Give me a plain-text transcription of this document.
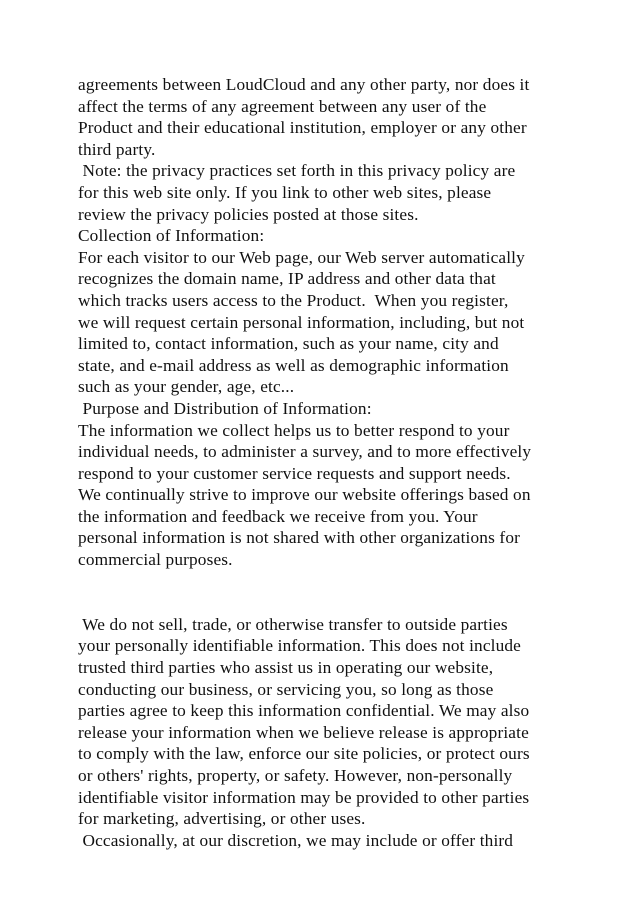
agreements between LoudCloud and any other party, nor does it
affect the terms of any agreement between any user of the
Product and their educational institution, employer or any other
third party.
Note: the privacy practices set forth in this privacy policy are
for this web site only. If you link to other web sites, please
review the privacy policies posted at those sites.
Collection of Information:
For each visitor to our Web page, our Web server automatically
recognizes the domain name, IP address and other data that
which tracks users access to the Product.  When you register,
we will request certain personal information, including, but not
limited to, contact information, such as your name, city and
state, and e-mail address as well as demographic information
such as your gender, age, etc...
Purpose and Distribution of Information:
The information we collect helps us to better respond to your
individual needs, to administer a survey, and to more effectively
respond to your customer service requests and support needs.
We continually strive to improve our website offerings based on
the information and feedback we receive from you. Your
personal information is not shared with other organizations for
commercial purposes.
We do not sell, trade, or otherwise transfer to outside parties
your personally identifiable information. This does not include
trusted third parties who assist us in operating our website,
conducting our business, or servicing you, so long as those
parties agree to keep this information confidential. We may also
release your information when we believe release is appropriate
to comply with the law, enforce our site policies, or protect ours
or others' rights, property, or safety. However, non-personally
identifiable visitor information may be provided to other parties
for marketing, advertising, or other uses.
Occasionally, at our discretion, we may include or offer third
